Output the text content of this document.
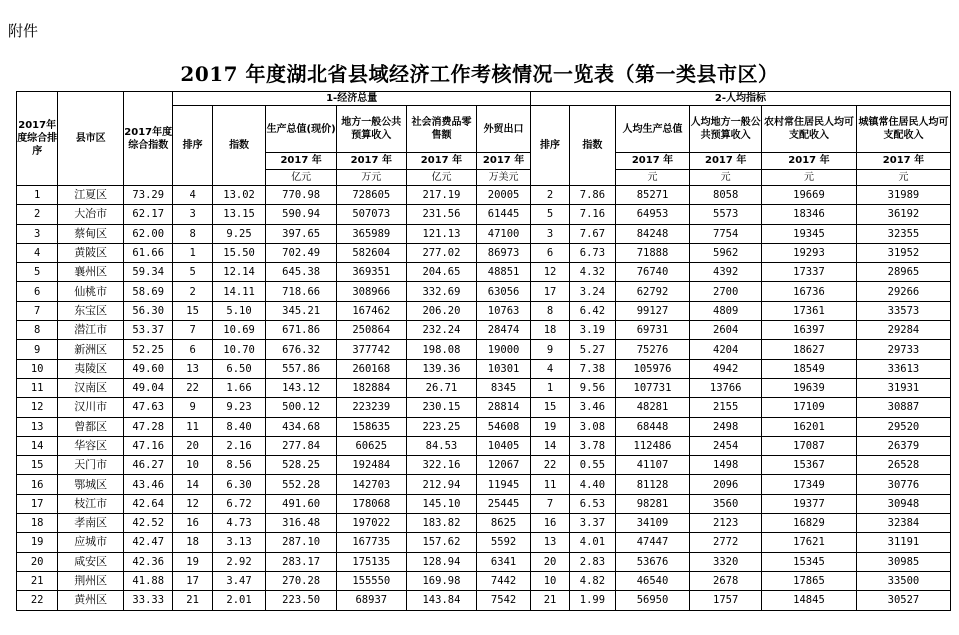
附件
2017 年度湖北省县域经济工作考核情况一览表（第一类县市区）
2017年度综合排序	县市区	2017年度综合指数	1-经济总量						2-人均指标					
			排序	指数	生产总值(现价)	地方一般公共预算收入	社会消费品零售额	外贸出口	排序	指数	人均生产总值	人均地方一般公共预算收入	农村常住居民人均可支配收入	城镇常住居民人均可支配收入
					2017 年	2017 年	2017 年	2017 年			2017 年	2017 年	2017 年	2017 年
					亿元	万元	亿元	万美元			元	元	元	元
1	江夏区	73.29	4	13.02	770.98	728605	217.19	20005	2	7.86	85271	8058	19669	31989
2	大冶市	62.17	3	13.15	590.94	507073	231.56	61445	5	7.16	64953	5573	18346	36192
3	蔡甸区	62.00	8	9.25	397.65	365989	121.13	47100	3	7.67	84248	7754	19345	32355
4	黄陂区	61.66	1	15.50	702.49	582604	277.02	86973	6	6.73	71888	5962	19293	31952
5	襄州区	59.34	5	12.14	645.38	369351	204.65	48851	12	4.32	76740	4392	17337	28965
6	仙桃市	58.69	2	14.11	718.66	308966	332.69	63056	17	3.24	62792	2700	16736	29266
7	东宝区	56.30	15	5.10	345.21	167462	206.20	10763	8	6.42	99127	4809	17361	33573
8	潜江市	53.37	7	10.69	671.86	250864	232.24	28474	18	3.19	69731	2604	16397	29284
9	新洲区	52.25	6	10.70	676.32	377742	198.08	19000	9	5.27	75276	4204	18627	29733
10	夷陵区	49.60	13	6.50	557.86	260168	139.36	10301	4	7.38	105976	4942	18549	33613
11	汉南区	49.04	22	1.66	143.12	182884	26.71	8345	1	9.56	107731	13766	19639	31931
12	汉川市	47.63	9	9.23	500.12	223239	230.15	28814	15	3.46	48281	2155	17109	30887
13	曾都区	47.28	11	8.40	434.68	158635	223.25	54608	19	3.08	68448	2498	16201	29520
14	华容区	47.16	20	2.16	277.84	60625	84.53	10405	14	3.78	112486	2454	17087	26379
15	天门市	46.27	10	8.56	528.25	192484	322.16	12067	22	0.55	41107	1498	15367	26528
16	鄂城区	43.46	14	6.30	552.28	142703	212.94	11945	11	4.40	81128	2096	17349	30776
17	枝江市	42.64	12	6.72	491.60	178068	145.10	25445	7	6.53	98281	3560	19377	30948
18	孝南区	42.52	16	4.73	316.48	197022	183.82	8625	16	3.37	34109	2123	16829	32384
19	应城市	42.47	18	3.13	287.10	167735	157.62	5592	13	4.01	47447	2772	17621	31191
20	咸安区	42.36	19	2.92	283.17	175135	128.94	6341	20	2.83	53676	3320	15345	30985
21	荆州区	41.88	17	3.47	270.28	155550	169.98	7442	10	4.82	46540	2678	17865	33500
22	黄州区	33.33	21	2.01	223.50	68937	143.84	7542	21	1.99	56950	1757	14845	30527
